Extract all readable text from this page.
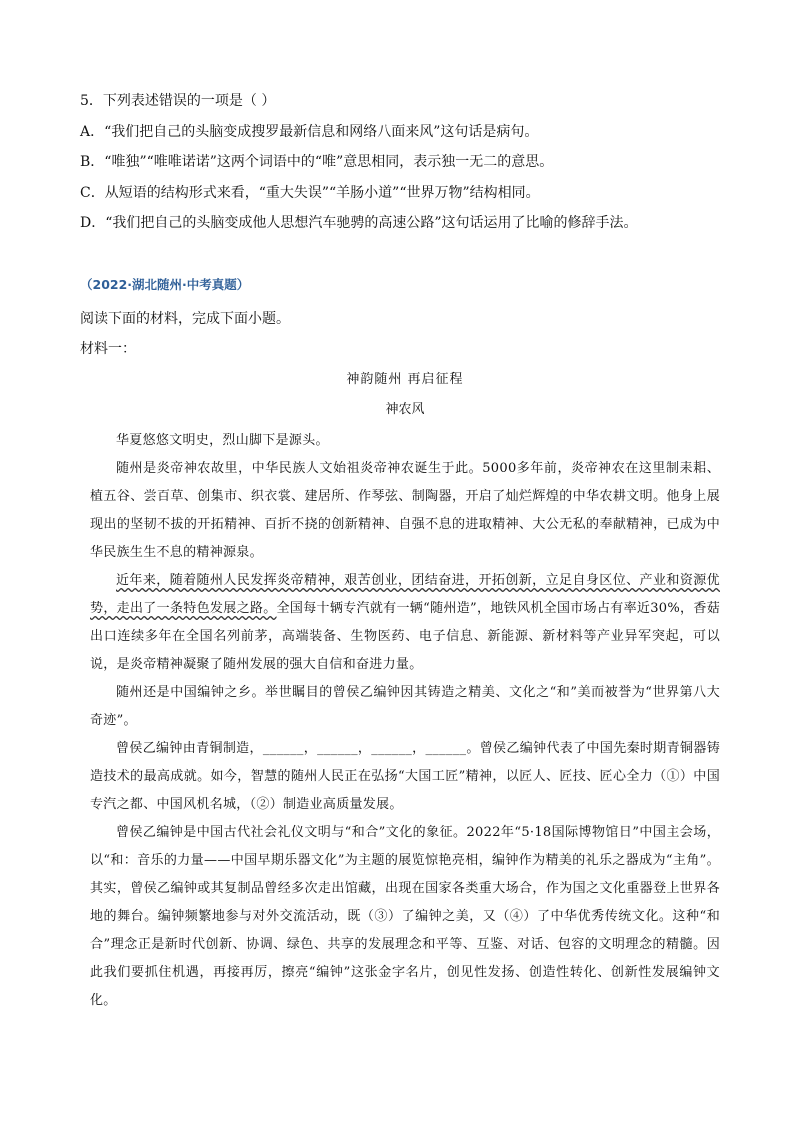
5．下列表述错误的一项是（ ）

A．“我们把自己的头脑变成搜罗最新信息和网络八面来风”这句话是病句。

B．“唯独”“唯唯诺诺”这两个词语中的“唯”意思相同，表示独一无二的意思。

C．从短语的结构形式来看，“重大失误”“羊肠小道”“世界万物”结构相同。

D．“我们把自己的头脑变成他人思想汽车驰骋的高速公路”这句话运用了比喻的修辞手法。

（2022·湖北随州·中考真题）

阅读下面的材料，完成下面小题。

材料一：

神韵随州 再启征程

神农风

华夏悠悠文明史，烈山脚下是源头。

随州是炎帝神农故里，中华民族人文始祖炎帝神农诞生于此。5000多年前，炎帝神农在这里制耒耜、植五谷、尝百草、创集市、织衣裳、建居所、作琴弦、制陶器，开启了灿烂辉煌的中华农耕文明。他身上展现出的坚韧不拔的开拓精神、百折不挠的创新精神、自强不息的进取精神、大公无私的奉献精神，已成为中华民族生生不息的精神源泉。

近年来，随着随州人民发挥炎帝精神，艰苦创业，团结奋进，开拓创新，立足自身区位、产业和资源优势，走出了一条特色发展之路。全国每十辆专汽就有一辆“随州造”，地铁风机全国市场占有率近30%，香菇出口连续多年在全国名列前茅，高端装备、生物医药、电子信息、新能源、新材料等产业异军突起，可以说，是炎帝精神凝聚了随州发展的强大自信和奋进力量。

随州还是中国编钟之乡。举世瞩目的曾侯乙编钟因其铸造之精美、文化之“和”美而被誉为“世界第八大奇迹”。

曾侯乙编钟由青铜制造，______，______，______，______。曾侯乙编钟代表了中国先秦时期青铜器铸造技术的最高成就。如今，智慧的随州人民正在弘扬“大国工匠”精神，以匠人、匠技、匠心全力（①）中国专汽之都、中国风机名城，（②）制造业高质量发展。

曾侯乙编钟是中国古代社会礼仪文明与“和合”文化的象征。2022年“5·18国际博物馆日”中国主会场，以“和：音乐的力量——中国早期乐器文化”为主题的展览惊艳亮相，编钟作为精美的礼乐之器成为“主角”。其实，曾侯乙编钟或其复制品曾经多次走出馆藏，出现在国家各类重大场合，作为国之文化重器登上世界各地的舞台。编钟频繁地参与对外交流活动，既（③）了编钟之美，又（④）了中华优秀传统文化。这种“和合”理念正是新时代创新、协调、绿色、共享的发展理念和平等、互鉴、对话、包容的文明理念的精髓。因此我们要抓住机遇，再接再厉，擦亮“编钟”这张金字名片，创见性发扬、创造性转化、创新性发展编钟文化。
